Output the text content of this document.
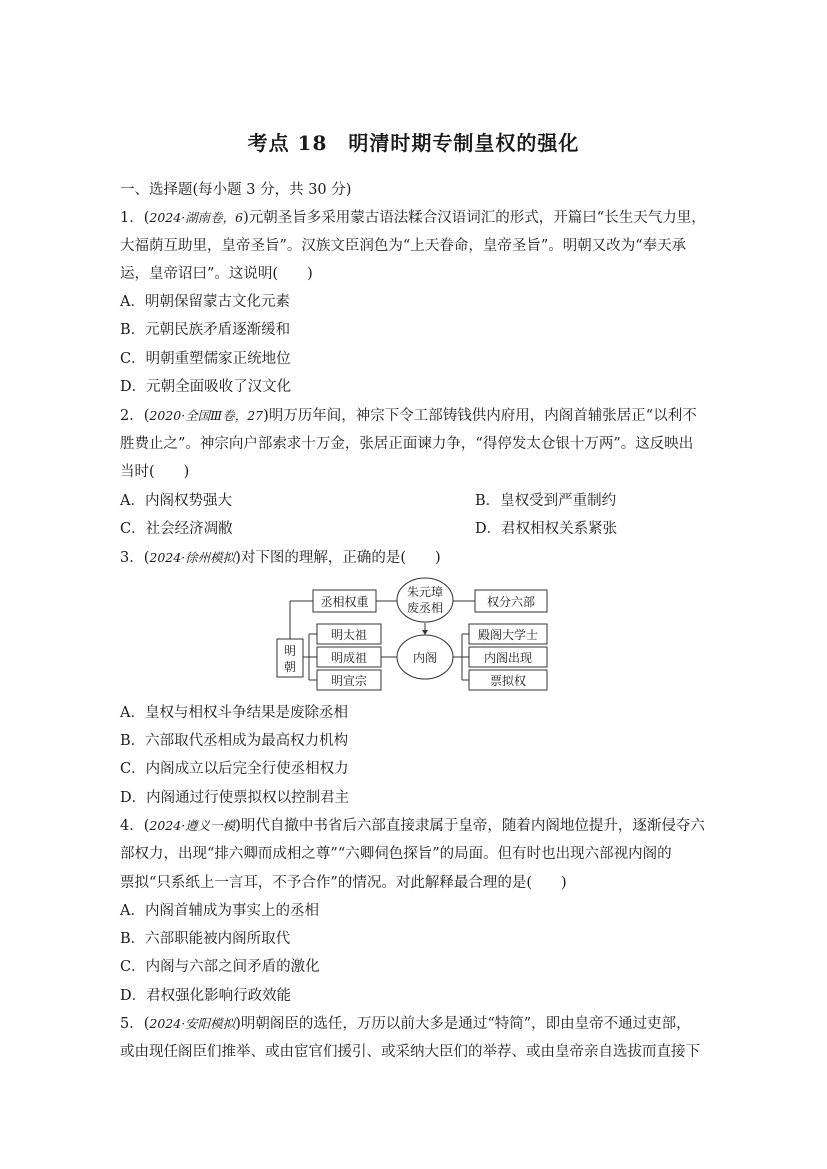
考点 18　明清时期专制皇权的强化
一、选择题(每小题 3 分，共 30 分)
1．(2024·湖南卷，6)元朝圣旨多采用蒙古语法糅合汉语词汇的形式，开篇曰“长生天气力里，
大福荫互助里，皇帝圣旨”。汉族文臣润色为“上天眷命，皇帝圣旨”。明朝又改为“奉天承
运，皇帝诏曰”。这说明(　　)
A．明朝保留蒙古文化元素
B．元朝民族矛盾逐渐缓和
C．明朝重塑儒家正统地位
D．元朝全面吸收了汉文化
2．(2020·全国Ⅲ卷，27)明万历年间，神宗下令工部铸钱供内府用，内阁首辅张居正“以利不
胜费止之”。神宗向户部索求十万金，张居正面谏力争，“得停发太仓银十万两”。这反映出
当时(　　)
A．内阁权势强大	B．皇权受到严重制约
C．社会经济凋敝	D．君权相权关系紧张
3．(2024·徐州模拟)对下图的理解，正确的是(　　)
丞相权重
朱元璋
废丞相	权分六部
明
朝
明太祖
明成祖
明宣宗
内阁
殿阁大学士
内阁出现
票拟权
A．皇权与相权斗争结果是废除丞相
B．六部取代丞相成为最高权力机构
C．内阁成立以后完全行使丞相权力
D．内阁通过行使票拟权以控制君主
4．(2024·遵义一模)明代自撤中书省后六部直接隶属于皇帝，随着内阁地位提升，逐渐侵夺六
部权力，出现“排六卿而成相之尊”“六卿伺色探旨”的局面。但有时也出现六部视内阁的
票拟“只系纸上一言耳，不予合作”的情况。对此解释最合理的是(　　)
A．内阁首辅成为事实上的丞相
B．六部职能被内阁所取代
C．内阁与六部之间矛盾的激化
D．君权强化影响行政效能
5．(2024·安阳模拟)明朝阁臣的选任，万历以前大多是通过“特简”，即由皇帝不通过吏部，
或由现任阁臣们推举、或由宦官们援引、或采纳大臣们的举荐、或由皇帝亲自选拔而直接下
